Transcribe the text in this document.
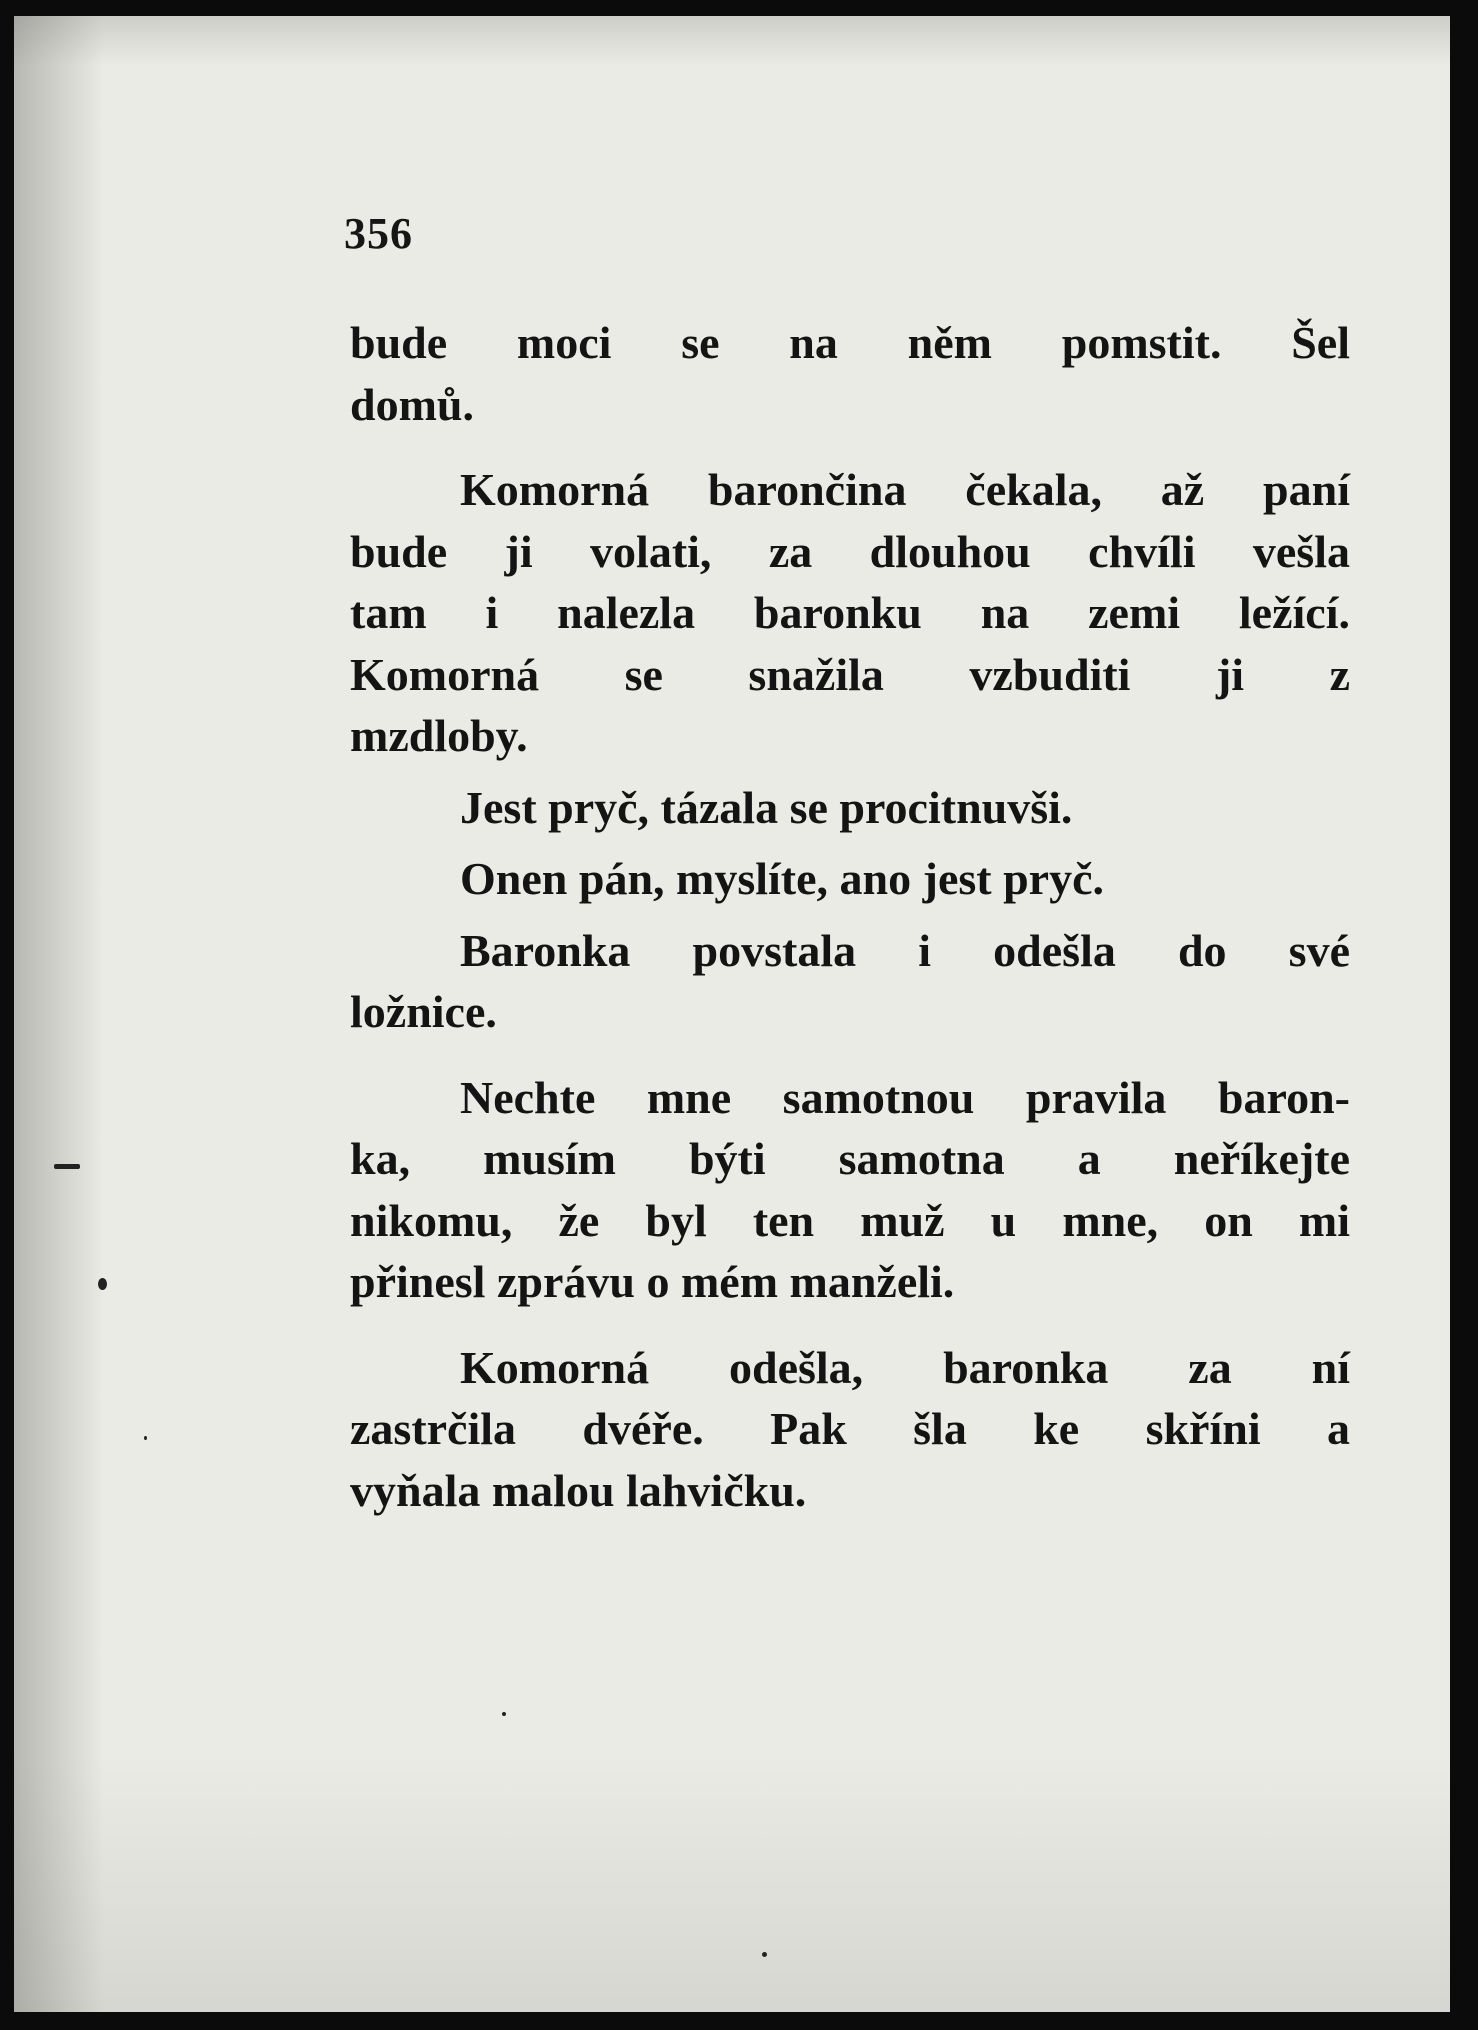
356
bude moci se na něm pomstit. Šel
domů.
Komorná barončina čekala, až paní
bude ji volati, za dlouhou chvíli vešla
tam i nalezla baronku na zemi ležící.
Komorná se snažila vzbuditi ji z
mzdloby.
Jest pryč, tázala se procitnuvši.
Onen pán, myslíte, ano jest pryč.
Baronka povstala i odešla do své
ložnice.
Nechte mne samotnou pravila baron-
ka, musím býti samotna a neříkejte
nikomu, že byl ten muž u mne, on mi
přinesl zprávu o mém manželi.
Komorná odešla, baronka za ní
zastrčila dvéře. Pak šla ke skříni a
vyňala malou lahvičku.
